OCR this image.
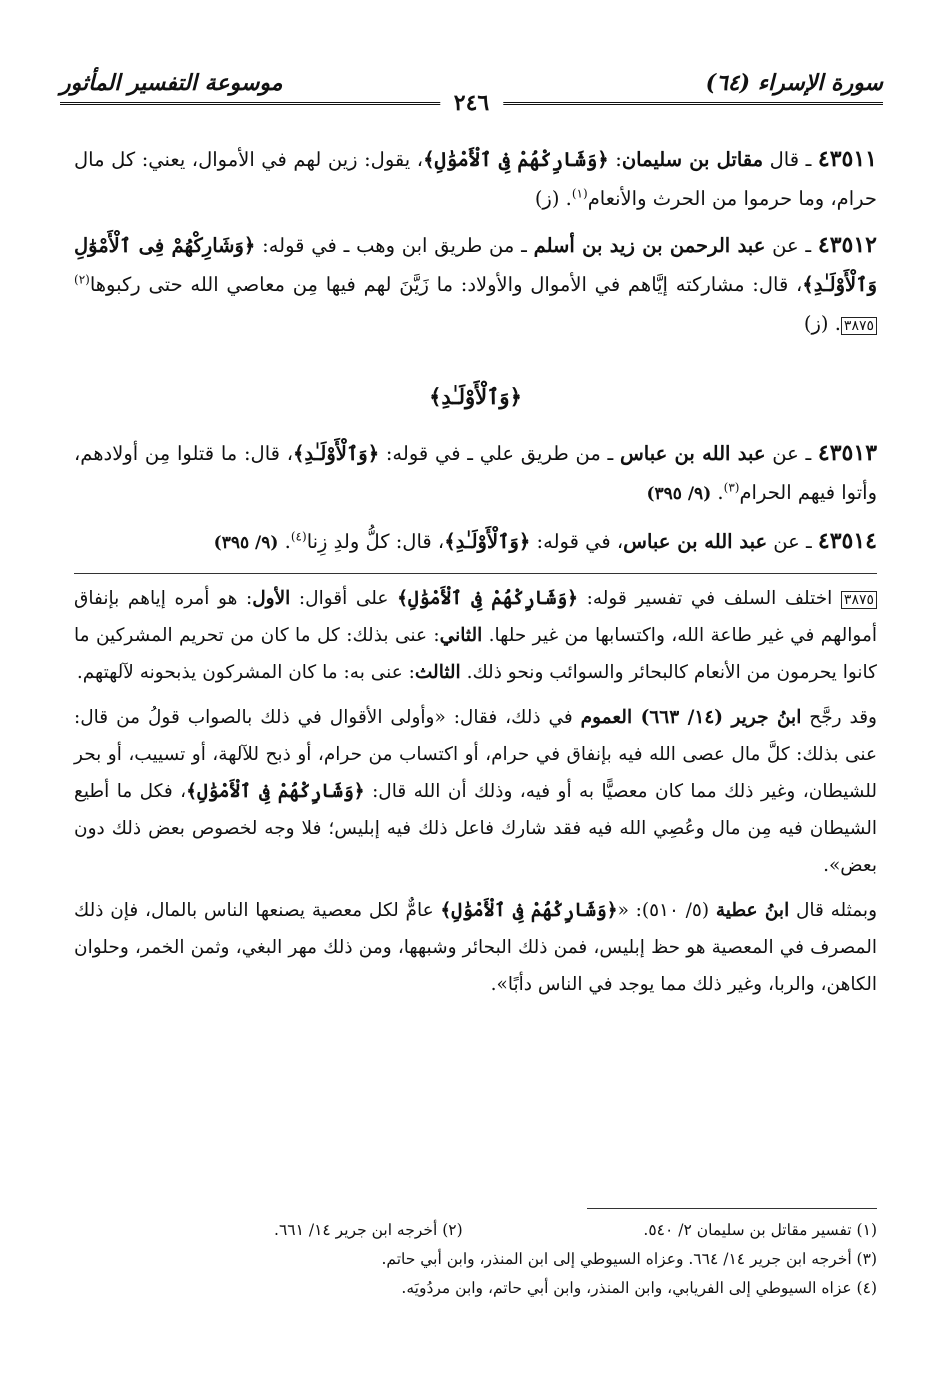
سورة الإسراء (٦٤)
موسوعة التفسير المأثور
٢٤٦

٤٣٥١١ ـ قال مقاتل بن سليمان: ﴿وَشَارِكْهُمْ فِى ٱلْأَمْوَٰلِ﴾، يقول: زين لهم في الأموال، يعني: كل مال حرام، وما حرموا من الحرث والأنعام$^{(١)}$. (ز)

٤٣٥١٢ ـ عن عبد الرحمن بن زيد بن أسلم ـ من طريق ابن وهب ـ في قوله: ﴿وَشَارِكْهُمْ فِى ٱلْأَمْوَٰلِ وَٱلْأَوْلَـٰدِ﴾، قال: مشاركته إيَّاهم في الأموال والأولاد: ما زَيَّنَ لهم فيها مِن معاصي الله حتى ركبوها$^{(٢)}$٣٨٧٥. (ز)

﴿وَٱلْأَوْلَـٰدِ﴾

٤٣٥١٣ ـ عن عبد الله بن عباس ـ من طريق علي ـ في قوله: ﴿وَٱلْأَوْلَـٰدِ﴾، قال: ما قتلوا مِن أولادهم، وأتوا فيهم الحرام$^{(٣)}$. (٩/ ٣٩٥)

٤٣٥١٤ ـ عن عبد الله بن عباس، في قوله: ﴿وَٱلْأَوْلَـٰدِ﴾، قال: كلُّ ولدِ زِنا$^{(٤)}$. (٩/ ٣٩٥)

٣٨٧٥ اختلف السلف في تفسير قوله: ﴿وَشَارِكْهُمْ فِى ٱلْأَمْوَٰلِ﴾ على أقوال: الأول: هو أمره إياهم بإنفاق أموالهم في غير طاعة الله، واكتسابها من غير حلها. الثاني: عنى بذلك: كل ما كان من تحريم المشركين ما كانوا يحرمون من الأنعام كالبحائر والسوائب ونحو ذلك. الثالث: عنى به: ما كان المشركون يذبحونه لآلهتهم.

وقد رجَّح ابنُ جرير (١٤/ ٦٦٣) العموم في ذلك، فقال: «وأولى الأقوال في ذلك بالصواب قولُ من قال: عنى بذلك: كلَّ مال عصى الله فيه بإنفاق في حرام، أو اكتساب من حرام، أو ذبح للآلهة، أو تسييب، أو بحر للشيطان، وغير ذلك مما كان معصيًّا به أو فيه، وذلك أن الله قال: ﴿وَشَارِكْهُمْ فِى ٱلْأَمْوَٰلِ﴾، فكل ما أطيع الشيطان فيه مِن مال وعُصِي الله فيه فقد شارك فاعل ذلك فيه إبليس؛ فلا وجه لخصوص بعض ذلك دون بعض».

وبمثله قال ابنُ عطية (٥/ ٥١٠): «﴿وَشَارِكْهُمْ فِى ٱلْأَمْوَٰلِ﴾ عامٌّ لكل معصية يصنعها الناس بالمال، فإن ذلك المصرف في المعصية هو حظ إبليس، فمن ذلك البحائر وشبهها، ومن ذلك مهر البغي، وثمن الخمر، وحلوان الكاهن، والربا، وغير ذلك مما يوجد في الناس دأبًا».

(١) تفسير مقاتل بن سليمان ٢/ ٥٤٠.
(٢) أخرجه ابن جرير ١٤/ ٦٦١.
(٣) أخرجه ابن جرير ١٤/ ٦٦٤. وعزاه السيوطي إلى ابن المنذر، وابن أبي حاتم.
(٤) عزاه السيوطي إلى الفريابي، وابن المنذر، وابن أبي حاتم، وابن مردُويَه.
